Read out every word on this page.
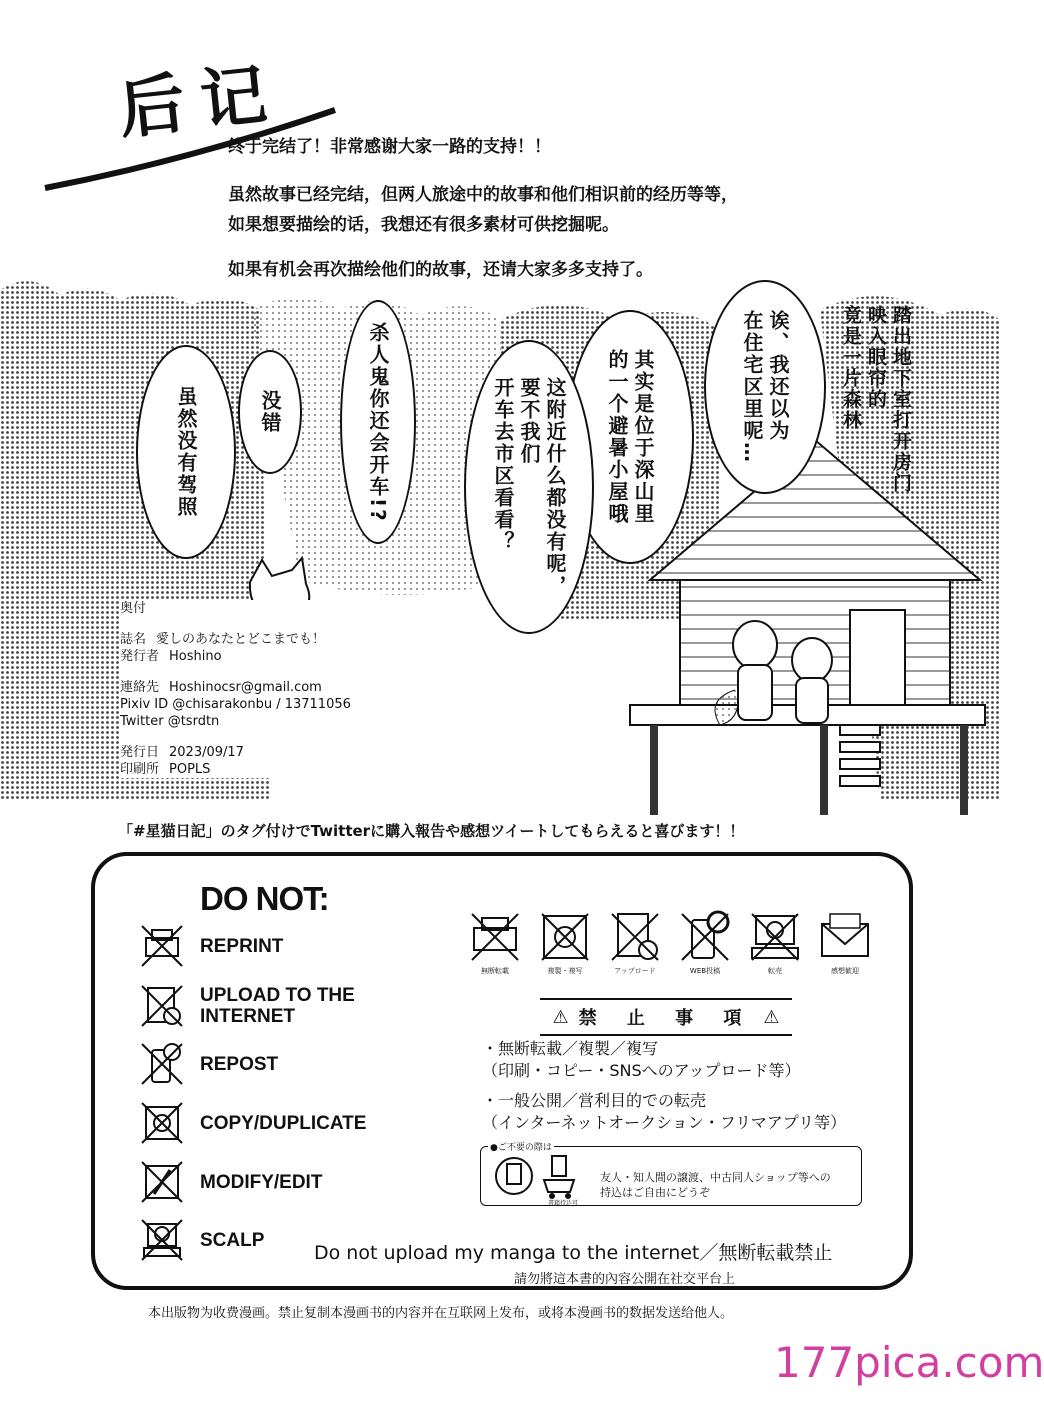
后记
终于完结了！非常感谢大家一路的支持！！
虽然故事已经完结，但两人旅途中的故事和他们相识前的经历等等，
如果想要描绘的话，我想还有很多素材可供挖掘呢。
如果有机会再次描绘他们的故事，还请大家多多支持了。
踏出地下室打开房门
映入眼帘的
竟是一片森林
诶、我还以为
在住宅区里呢…
其实是位于深山里
的一个避暑小屋哦
这附近什么都没有呢，
要不我们
开车去市区看看？
杀人鬼你还会开车!?
没错
虽然没有驾照
奥付
誌名 愛しのあなたとどこまでも！
発行者 Hoshino
連絡先 Hoshinocsr@gmail.com
Pixiv ID @chisarakonbu / 13711056
Twitter @tsrdtn
発行日 2023/09/17
印刷所 POPLS
「#星猫日記」のタグ付けでTwitterに購入報告や感想ツイートしてもらえると喜びます！！
DO NOT:
REPRINT
UPLOAD TO THE
INTERNET
REPOST
COPY/DUPLICATE
MODIFY/EDIT
SCALP
無断転載	複製・複写	アップロード	WEB投稿	転売	感想歓迎
⚠ 禁 止 事 項 ⚠
・無断転載／複製／複写
（印刷・コピー・SNSへのアップロード等）
・一般公開／営利目的での転売
（インターネットオークション・フリマアプリ等）
●ご不要の際は
書籍持込可
友人・知人間の譲渡、中古同人ショップ等への
持込はご自由にどうぞ
Do not upload my manga to the internet／無断転載禁止
請勿將這本書的內容公開在社交平台上
本出版物为收费漫画。禁止复制本漫画书的内容并在互联网上发布，或将本漫画书的数据发送给他人。
177pica.com
